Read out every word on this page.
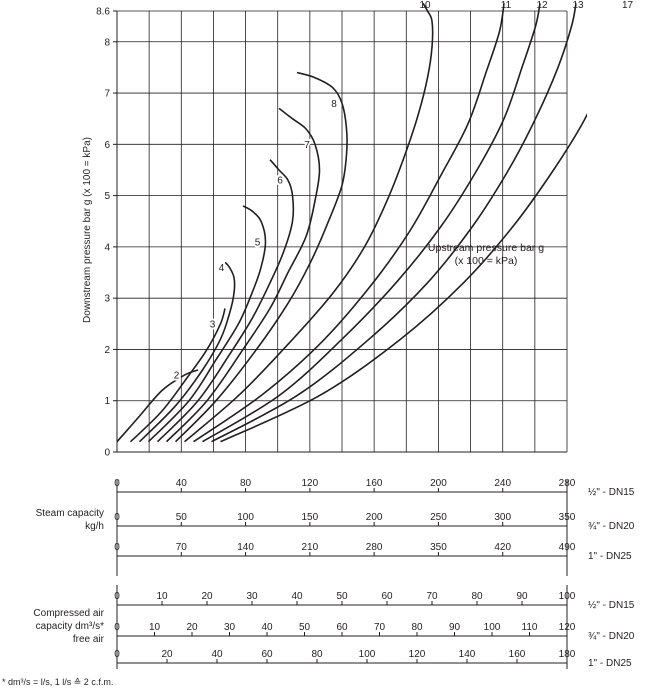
Downstream pressure bar g (x 100 = kPa)	Upstream pressure bar g
(x 100 = kPa)
Steam capacity
kg/h
Compressed air
capacity dm³/s*
free air
* dm³/s = l/s, 1 l/s ≙ 2 c.f.m.
0
1
2
3
4
5
6
7
8
8.6
10	11	12 13	17
2
3
4
5
6
7
8
0	40	80	120	160	200	240	280
½" - DN15
0	50	100	150	200	250	300	350
¾" - DN20
0	70	140	210	280	350	420	490
1" - DN25
0	10	20	30	40	50	60	70	80	90	100
½" - DN15
0	10	20	30	40	50	60	70	80	90 100 110 120
¾" - DN20
0	20	40	60	80	100	120	140	160	180
1" - DN25
